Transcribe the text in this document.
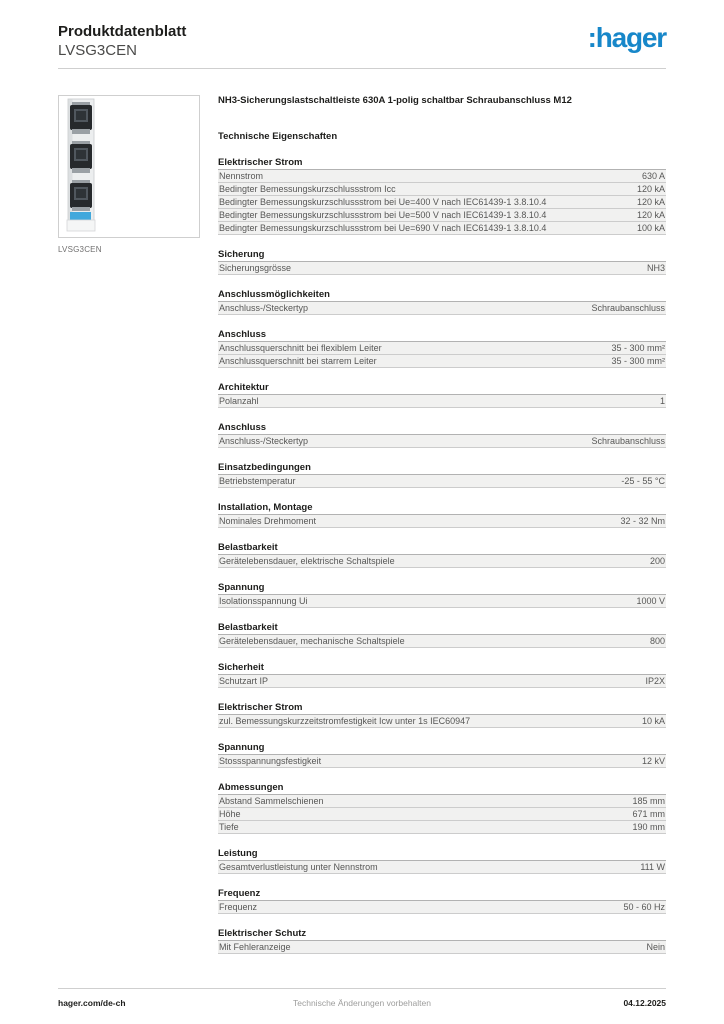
Produktdatenblatt
LVSG3CEN	:hager
LVSG3CEN
NH3-Sicherungslastschaltleiste 630A 1-polig schaltbar Schraubanschluss M12
Technische Eigenschaften
Elektrischer Strom
Nennstrom	630 A
Bedingter Bemessungskurzschlussstrom Icc	120 kA
Bedingter Bemessungskurzschlussstrom bei Ue=400 V nach IEC61439-1 3.8.10.4	120 kA
Bedingter Bemessungskurzschlussstrom bei Ue=500 V nach IEC61439-1 3.8.10.4	120 kA
Bedingter Bemessungskurzschlussstrom bei Ue=690 V nach IEC61439-1 3.8.10.4	100 kA
Sicherung
Sicherungsgrösse	NH3
Anschlussmöglichkeiten
Anschluss-/Steckertyp	Schraubanschluss
Anschluss
Anschlussquerschnitt bei flexiblem Leiter	35 - 300 mm²
Anschlussquerschnitt bei starrem Leiter	35 - 300 mm²
Architektur
Polanzahl	1
Anschluss
Anschluss-/Steckertyp	Schraubanschluss
Einsatzbedingungen
Betriebstemperatur	-25 - 55 °C
Installation, Montage
Nominales Drehmoment	32 - 32 Nm
Belastbarkeit
Gerätelebensdauer, elektrische Schaltspiele	200
Spannung
Isolationsspannung Ui	1000 V
Belastbarkeit
Gerätelebensdauer, mechanische Schaltspiele	800
Sicherheit
Schutzart IP	IP2X
Elektrischer Strom
zul. Bemessungskurzzeitstromfestigkeit Icw unter 1s IEC60947	10 kA
Spannung
Stossspannungsfestigkeit	12 kV
Abmessungen
Abstand Sammelschienen	185 mm
Höhe	671 mm
Tiefe	190 mm
Leistung
Gesamtverlustleistung unter Nennstrom	111 W
Frequenz
Frequenz	50 - 60 Hz
Elektrischer Schutz
Mit Fehleranzeige	Nein
hager.com/de-ch	Technische Änderungen vorbehalten	04.12.2025
